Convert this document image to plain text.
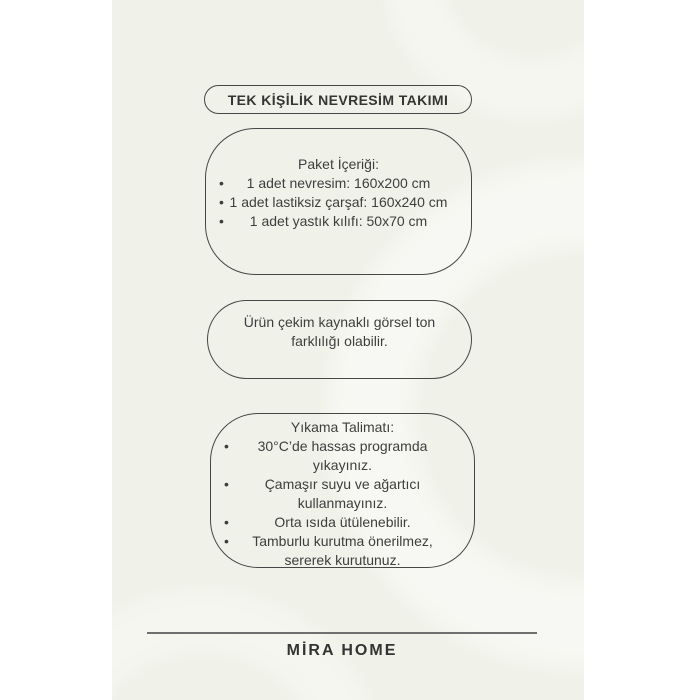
TEK KİŞİLİK NEVRESİM TAKIMI

Paket İçeriği:

• 1 adet nevresim: 160x200 cm
• 1 adet lastiksiz çarşaf: 160x240 cm
• 1 adet yastık kılıfı: 50x70 cm

Ürün çekim kaynaklı görsel ton farklılığı olabilir.

Yıkama Talimatı:

• 30°C’de hassas programda yıkayınız.
•	Çamaşır suyu ve ağartıcı kullanmayınız.
•	Orta ısıda ütülenebilir.
• Tamburlu kurutma önerilmez, sererek kurutunuz.
MİRA HOME
